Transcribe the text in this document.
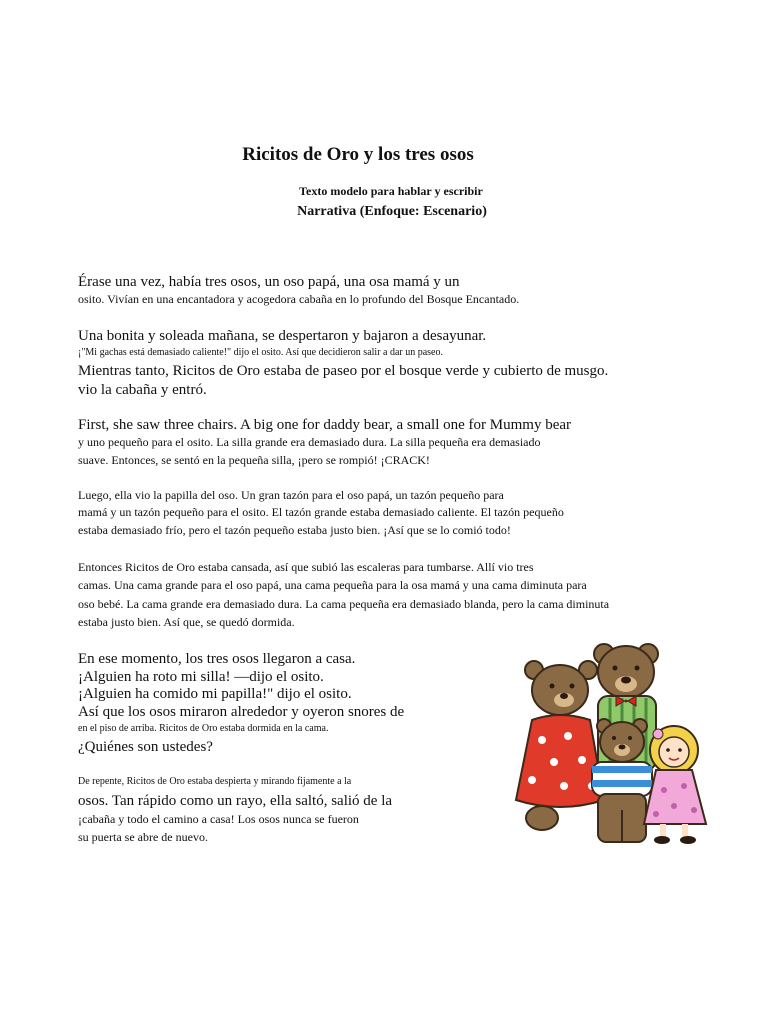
Ricitos de Oro y los tres osos
Texto modelo para hablar y escribir
Narrativa (Enfoque: Escenario)
Érase una vez, había tres osos, un oso papá, una osa mamá y un
osito. Vivían en una encantadora y acogedora cabaña en lo profundo del Bosque Encantado.
Una bonita y soleada mañana, se despertaron y bajaron a desayunar.
¡"Mi gachas está demasiado caliente!" dijo el osito. Así que decidieron salir a dar un paseo.
Mientras tanto, Ricitos de Oro estaba de paseo por el bosque verde y cubierto de musgo.
vio la cabaña y entró.
First, she saw three chairs. A big one for daddy bear, a small one for Mummy bear
y uno pequeño para el osito. La silla grande era demasiado dura. La silla pequeña era demasiado
suave. Entonces, se sentó en la pequeña silla, ¡pero se rompió! ¡CRACK!
Luego, ella vio la papilla del oso. Un gran tazón para el oso papá, un tazón pequeño para
mamá y un tazón pequeño para el osito. El tazón grande estaba demasiado caliente. El tazón pequeño
estaba demasiado frío, pero el tazón pequeño estaba justo bien. ¡Así que se lo comió todo!
Entonces Ricitos de Oro estaba cansada, así que subió las escaleras para tumbarse. Allí vio tres
camas. Una cama grande para el oso papá, una cama pequeña para la osa mamá y una cama diminuta para
oso bebé. La cama grande era demasiado dura. La cama pequeña era demasiado blanda, pero la cama diminuta
estaba justo bien. Así que, se quedó dormida.
En ese momento, los tres osos llegaron a casa.
¡Alguien ha roto mi silla! —dijo el osito.
¡Alguien ha comido mi papilla!" dijo el osito.
Así que los osos miraron alrededor y oyeron snores de
en el piso de arriba. Ricitos de Oro estaba dormida en la cama.
¿Quiénes son ustedes?
De repente, Ricitos de Oro estaba despierta y mirando fijamente a la
osos. Tan rápido como un rayo, ella saltó, salió de la
¡cabaña y todo el camino a casa! Los osos nunca se fueron
su puerta se abre de nuevo.
